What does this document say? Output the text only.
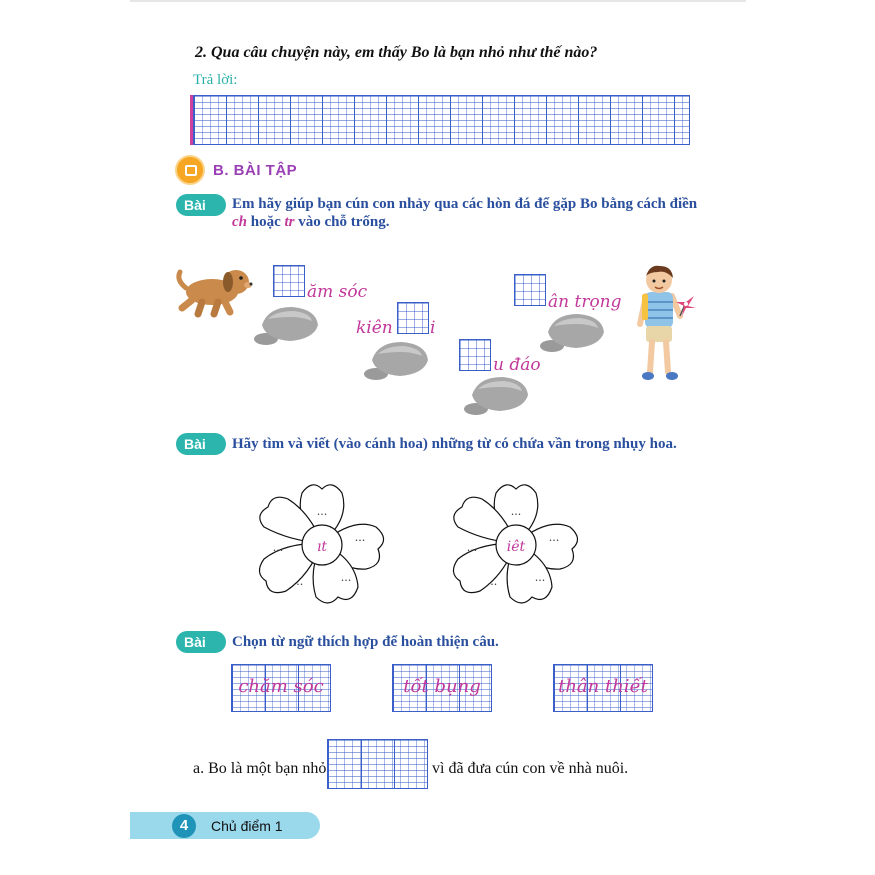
2. Qua câu chuyện này, em thấy Bo là bạn nhỏ như thế nào?
Trả lời:
B. BÀI TẬP
Bài 1.
Em hãy giúp bạn cún con nhảy qua các hòn đá để gặp Bo bằng cách điền ch hoặc tr vào chỗ trống.
ăm sóc
kiên i
u đáo
ân trọng
Bài 2.
Hãy tìm và viết (vào cánh hoa) những từ có chứa vần trong nhụy hoa.
ıt
...
...
...
...
...	iêt
...
...
...
...
...
Bài 3.
Chọn từ ngữ thích hợp để hoàn thiện câu.
chăm sóc	tốt bụng	thân thiết
a. Bo là một bạn nhỏ	vì đã đưa cún con về nhà nuôi.
4	Chủ điểm 1
